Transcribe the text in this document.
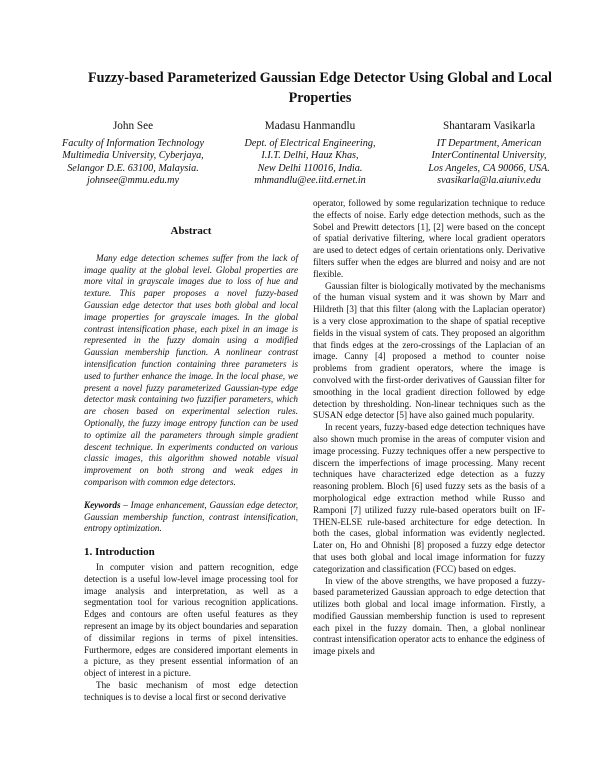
Fuzzy-based Parameterized Gaussian Edge Detector Using Global and Local Properties
John See
Faculty of Information Technology
Multimedia University, Cyberjaya,
Selangor D.E. 63100, Malaysia.
johnsee@mmu.edu.my
Madasu Hanmandlu
Dept. of Electrical Engineering,
I.I.T. Delhi, Hauz Khas,
New Delhi 110016, India.
mhmandlu@ee.iitd.ernet.in
Shantaram Vasikarla
IT Department, American
InterContinental University,
Los Angeles, CA 90066, USA.
svasikarla@la.aiuniv.edu
Abstract

Many edge detection schemes suffer from the lack of image quality at the global level. Global properties are more vital in grayscale images due to loss of hue and texture. This paper proposes a novel fuzzy-based Gaussian edge detector that uses both global and local image properties for grayscale images. In the global contrast intensification phase, each pixel in an image is represented in the fuzzy domain using a modified Gaussian membership function. A nonlinear contrast intensification function containing three parameters is used to further enhance the image. In the local phase, we present a novel fuzzy parameterized Gaussian-type edge detector mask containing two fuzzifier parameters, which are chosen based on experimental selection rules. Optionally, the fuzzy image entropy function can be used to optimize all the parameters through simple gradient descent technique. In experiments conducted on various classic images, this algorithm showed notable visual improvement on both strong and weak edges in comparison with common edge detectors.

Keywords – Image enhancement, Gaussian edge detector, Gaussian membership function, contrast intensification, entropy optimization.

1. Introduction

In computer vision and pattern recognition, edge detection is a useful low-level image processing tool for image analysis and interpretation, as well as a segmentation tool for various recognition applications. Edges and contours are often useful features as they represent an image by its object boundaries and separation of dissimilar regions in terms of pixel intensities. Furthermore, edges are considered important elements in a picture, as they present essential information of an object of interest in a picture.

The basic mechanism of most edge detection techniques is to devise a local first or second derivative

operator, followed by some regularization technique to reduce the effects of noise. Early edge detection methods, such as the Sobel and Prewitt detectors [1], [2] were based on the concept of spatial derivative filtering, where local gradient operators are used to detect edges of certain orientations only. Derivative filters suffer when the edges are blurred and noisy and are not flexible.

Gaussian filter is biologically motivated by the mechanisms of the human visual system and it was shown by Marr and Hildreth [3] that this filter (along with the Laplacian operator) is a very close approximation to the shape of spatial receptive fields in the visual system of cats. They proposed an algorithm that finds edges at the zero-crossings of the Laplacian of an image. Canny [4] proposed a method to counter noise problems from gradient operators, where the image is convolved with the first-order derivatives of Gaussian filter for smoothing in the local gradient direction followed by edge detection by thresholding. Non-linear techniques such as the SUSAN edge detector [5] have also gained much popularity.

In recent years, fuzzy-based edge detection techniques have also shown much promise in the areas of computer vision and image processing. Fuzzy techniques offer a new perspective to discern the imperfections of image processing. Many recent techniques have characterized edge detection as a fuzzy reasoning problem. Bloch [6] used fuzzy sets as the basis of a morphological edge extraction method while Russo and Ramponi [7] utilized fuzzy rule-based operators built on IF-THEN-ELSE rule-based architecture for edge detection. In both the cases, global information was evidently neglected. Later on, Ho and Ohnishi [8] proposed a fuzzy edge detector that uses both global and local image information for fuzzy categorization and classification (FCC) based on edges.

In view of the above strengths, we have proposed a fuzzy-based parameterized Gaussian approach to edge detection that utilizes both global and local image information. Firstly, a modified Gaussian membership function is used to represent each pixel in the fuzzy domain. Then, a global nonlinear contrast intensification operator acts to enhance the edginess of image pixels and
